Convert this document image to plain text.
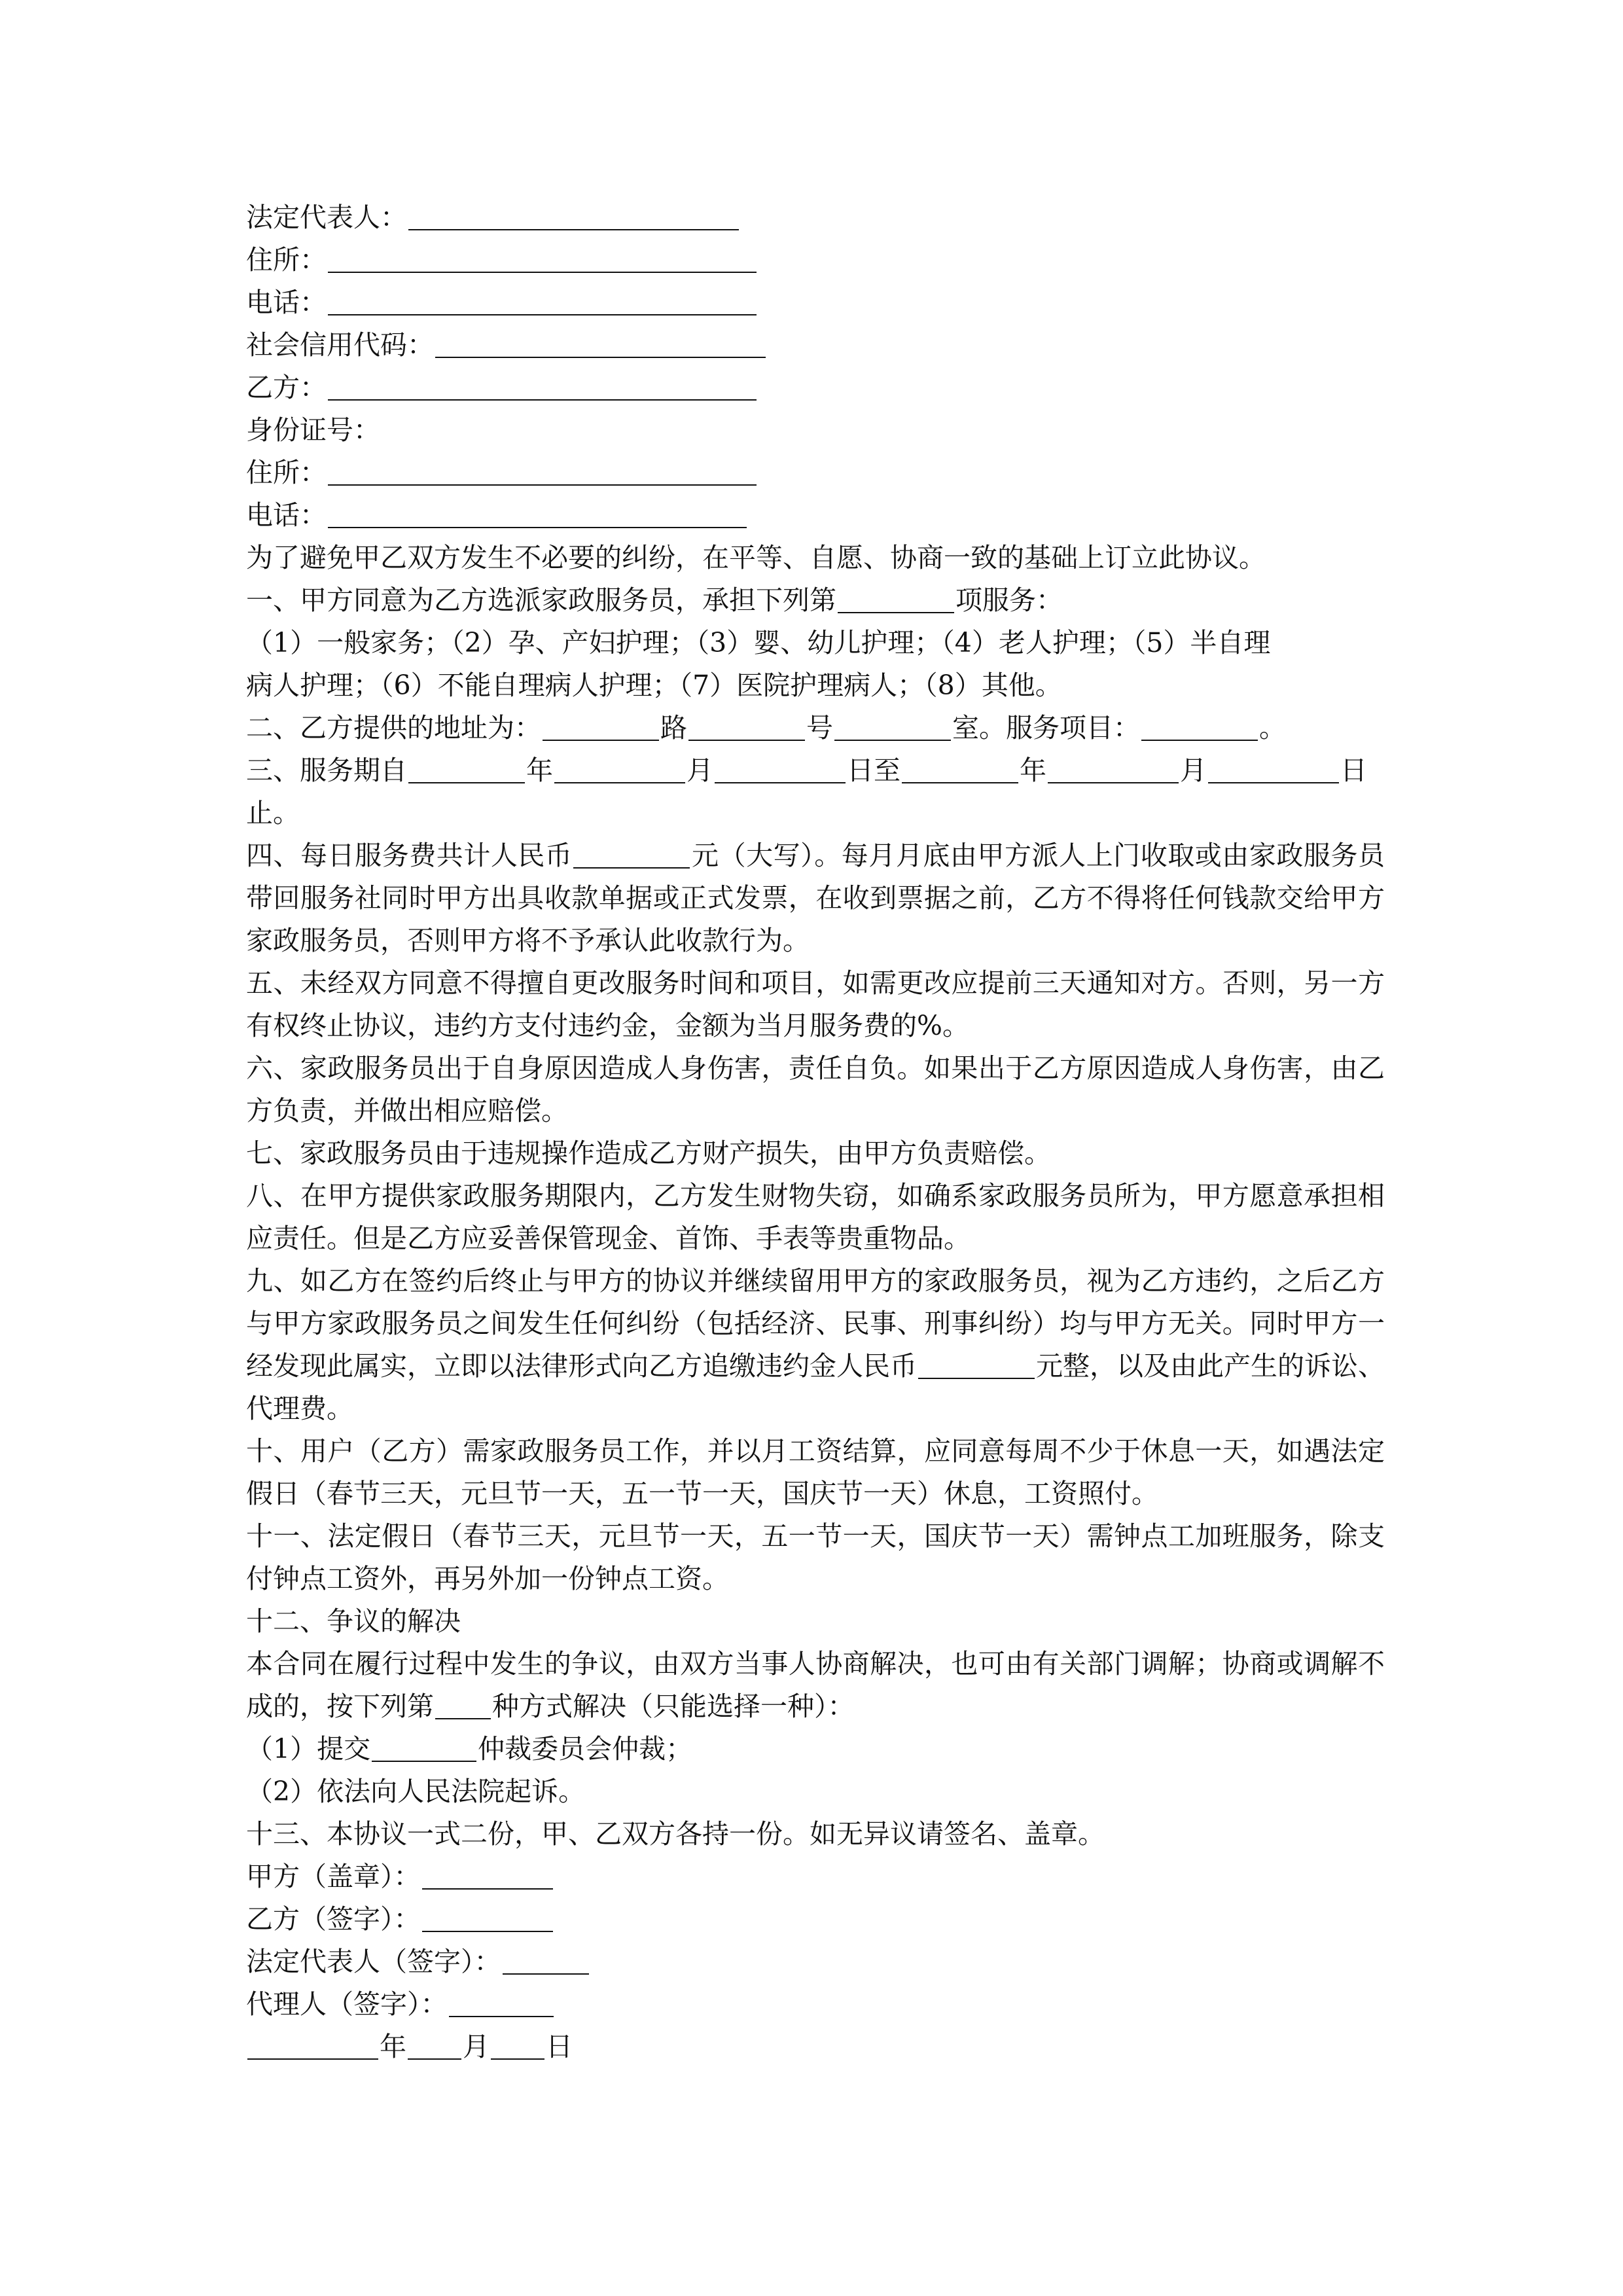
法定代表人：
住所：
电话：
社会信用代码：
乙方：
身份证号：
住所：
电话：
为了避免甲乙双方发生不必要的纠纷，在平等、自愿、协商一致的基础上订立此协议。
一、甲方同意为乙方选派家政服务员，承担下列第	项服务：
（1）一般家务；（2）孕、产妇护理；（3）婴、幼儿护理；（4）老人护理；（5）半自理
病人护理；（6）不能自理病人护理；（7）医院护理病人；（8）其他。
二、乙方提供的地址为：	路	号	室。服务项目：	。
三、服务期自	年	月	日至	年	月	日
止。
四、每日服务费共计人民币	元（大写）。每月月底由甲方派人上门收取或由家政服务员带回服务社同时甲方出具收款单据或正式发票，在收到票据之前，乙方不得将任何钱款交给甲方家政服务员，否则甲方将不予承认此收款行为。
五、未经双方同意不得擅自更改服务时间和项目，如需更改应提前三天通知对方。否则，另一方有权终止协议，违约方支付违约金，金额为当月服务费的%。
六、家政服务员出于自身原因造成人身伤害，责任自负。如果出于乙方原因造成人身伤害，由乙方负责，并做出相应赔偿。
七、家政服务员由于违规操作造成乙方财产损失，由甲方负责赔偿。
八、在甲方提供家政服务期限内，乙方发生财物失窃，如确系家政服务员所为，甲方愿意承担相应责任。但是乙方应妥善保管现金、首饰、手表等贵重物品。
九、如乙方在签约后终止与甲方的协议并继续留用甲方的家政服务员，视为乙方违约，之后乙方与甲方家政服务员之间发生任何纠纷（包括经济、民事、刑事纠纷）均与甲方无关。同时甲方一经发现此属实，立即以法律形式向乙方追缴违约金人民币	元整，以及由此产生的诉讼、代理费。
十、用户（乙方）需家政服务员工作，并以月工资结算，应同意每周不少于休息一天，如遇法定假日（春节三天，元旦节一天，五一节一天，国庆节一天）休息，工资照付。
十一、法定假日（春节三天，元旦节一天，五一节一天，国庆节一天）需钟点工加班服务，除支付钟点工资外，再另外加一份钟点工资。
十二、争议的解决
本合同在履行过程中发生的争议，由双方当事人协商解决，也可由有关部门调解；协商或调解不成的，按下列第 种方式解决（只能选择一种）：
（1）提交	仲裁委员会仲裁；
（2）依法向人民法院起诉。
十三、本协议一式二份，甲、乙双方各持一份。如无异议请签名、盖章。
甲方（盖章）：
乙方（签字）：
法定代表人（签字）：
代理人（签字）：
年 月 日
